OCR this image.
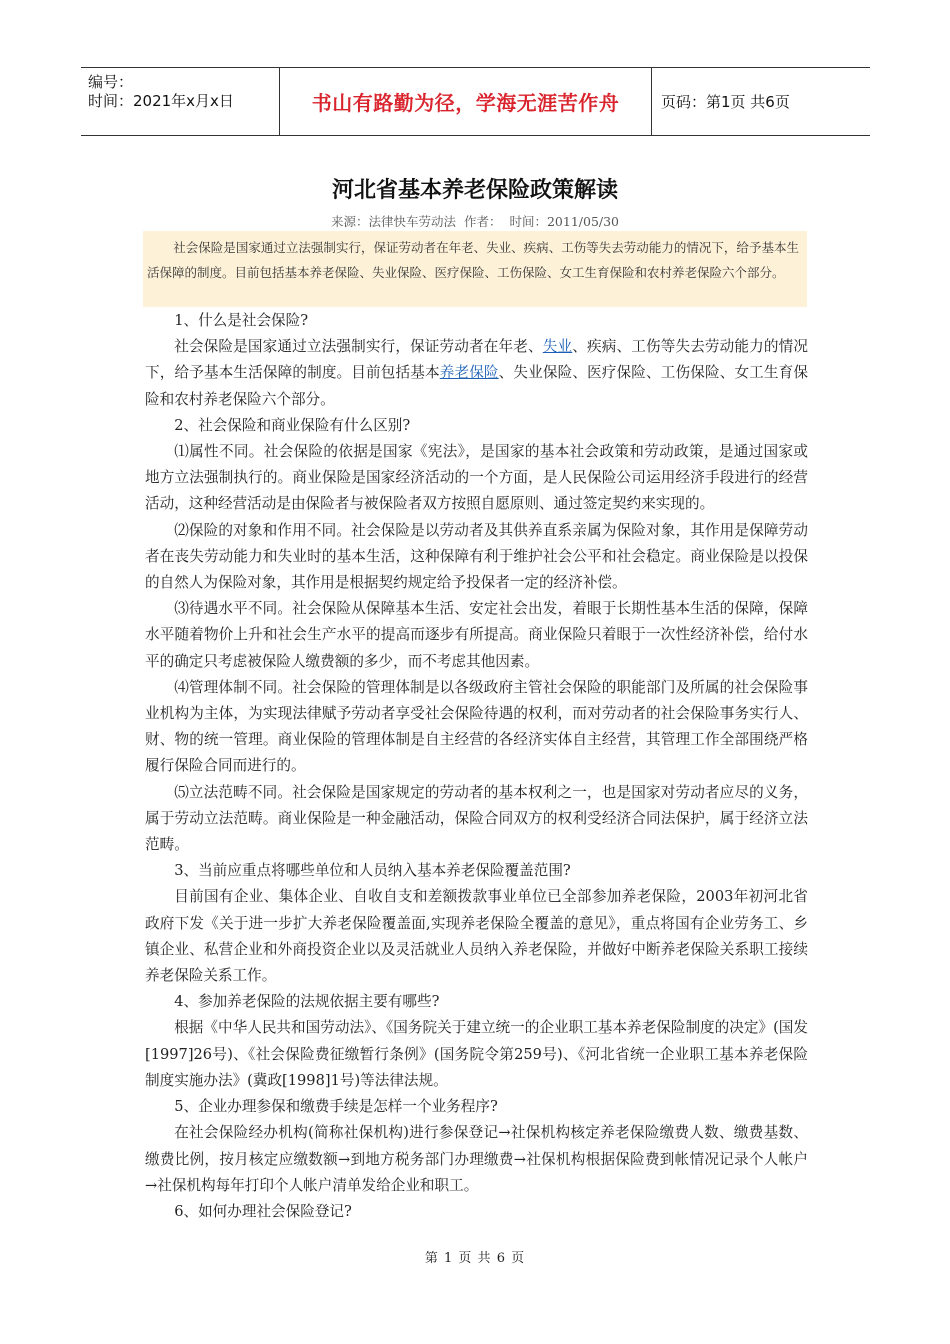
编号：
时间：2021年x月x日	书山有路勤为径，学海无涯苦作舟	页码：第1页 共6页
河北省基本养老保险政策解读
来源：法律快车劳动法 作者： 时间：2011/05/30
社会保险是国家通过立法强制实行，保证劳动者在年老、失业、疾病、工伤等失去劳动能力的情况下，给予基本生活保障的制度。目前包括基本养老保险、失业保险、医疗保险、工伤保险、女工生育保险和农村养老保险六个部分。

1、什么是社会保险?

社会保险是国家通过立法强制实行，保证劳动者在年老、失业、疾病、工伤等失去劳动能力的情况下，给予基本生活保障的制度。目前包括基本养老保险、失业保险、医疗保险、工伤保险、女工生育保险和农村养老保险六个部分。

2、社会保险和商业保险有什么区别?

⑴属性不同。社会保险的依据是国家《宪法》，是国家的基本社会政策和劳动政策，是通过国家或地方立法强制执行的。商业保险是国家经济活动的一个方面，是人民保险公司运用经济手段进行的经营活动，这种经营活动是由保险者与被保险者双方按照自愿原则、通过签定契约来实现的。

⑵保险的对象和作用不同。社会保险是以劳动者及其供养直系亲属为保险对象，其作用是保障劳动者在丧失劳动能力和失业时的基本生活，这种保障有利于维护社会公平和社会稳定。商业保险是以投保的自然人为保险对象，其作用是根据契约规定给予投保者一定的经济补偿。

⑶待遇水平不同。社会保险从保障基本生活、安定社会出发，着眼于长期性基本生活的保障，保障水平随着物价上升和社会生产水平的提高而逐步有所提高。商业保险只着眼于一次性经济补偿，给付水平的确定只考虑被保险人缴费额的多少，而不考虑其他因素。

⑷管理体制不同。社会保险的管理体制是以各级政府主管社会保险的职能部门及所属的社会保险事业机构为主体，为实现法律赋予劳动者享受社会保险待遇的权利，而对劳动者的社会保险事务实行人、财、物的统一管理。商业保险的管理体制是自主经营的各经济实体自主经营，其管理工作全部围绕严格履行保险合同而进行的。

⑸立法范畴不同。社会保险是国家规定的劳动者的基本权利之一，也是国家对劳动者应尽的义务，属于劳动立法范畴。商业保险是一种金融活动，保险合同双方的权利受经济合同法保护，属于经济立法范畴。

3、当前应重点将哪些单位和人员纳入基本养老保险覆盖范围?

目前国有企业、集体企业、自收自支和差额拨款事业单位已全部参加养老保险，2003年初河北省政府下发《关于进一步扩大养老保险覆盖面,实现养老保险全覆盖的意见》，重点将国有企业劳务工、乡镇企业、私营企业和外商投资企业以及灵活就业人员纳入养老保险，并做好中断养老保险关系职工接续养老保险关系工作。

4、参加养老保险的法规依据主要有哪些?

根据《中华人民共和国劳动法》、《国务院关于建立统一的企业职工基本养老保险制度的决定》(国发[1997]26号)、《社会保险费征缴暂行条例》(国务院令第259号)、《河北省统一企业职工基本养老保险制度实施办法》(冀政[1998]1号)等法律法规。

5、企业办理参保和缴费手续是怎样一个业务程序?

在社会保险经办机构(简称社保机构)进行参保登记→社保机构核定养老保险缴费人数、缴费基数、缴费比例，按月核定应缴数额→到地方税务部门办理缴费→社保机构根据保险费到帐情况记录个人帐户→社保机构每年打印个人帐户清单发给企业和职工。

6、如何办理社会保险登记?

第 1 页 共 6 页
